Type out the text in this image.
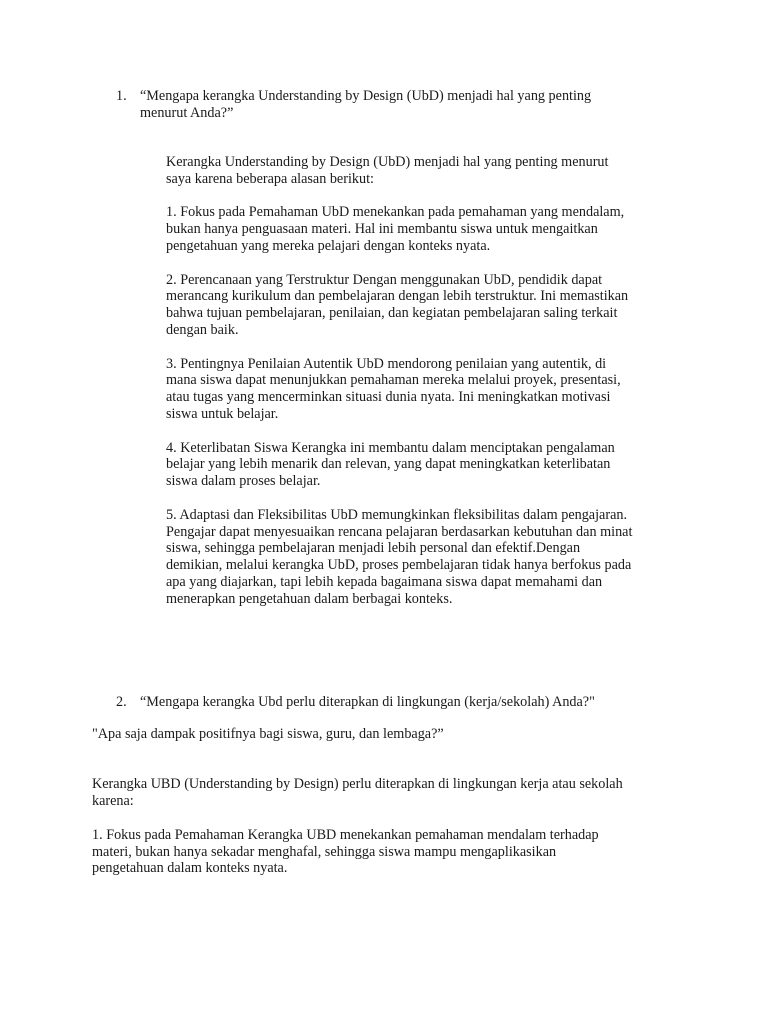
1. “Mengapa kerangka Understanding by Design (UbD) menjadi hal yang penting
menurut Anda?”

Kerangka Understanding by Design (UbD) menjadi hal yang penting menurut
saya karena beberapa alasan berikut:

1. Fokus pada Pemahaman UbD menekankan pada pemahaman yang mendalam,
bukan hanya penguasaan materi. Hal ini membantu siswa untuk mengaitkan
pengetahuan yang mereka pelajari dengan konteks nyata.

2. Perencanaan yang Terstruktur Dengan menggunakan UbD, pendidik dapat
merancang kurikulum dan pembelajaran dengan lebih terstruktur. Ini memastikan
bahwa tujuan pembelajaran, penilaian, dan kegiatan pembelajaran saling terkait
dengan baik.

3. Pentingnya Penilaian Autentik UbD mendorong penilaian yang autentik, di
mana siswa dapat menunjukkan pemahaman mereka melalui proyek, presentasi,
atau tugas yang mencerminkan situasi dunia nyata. Ini meningkatkan motivasi
siswa untuk belajar.

4. Keterlibatan Siswa Kerangka ini membantu dalam menciptakan pengalaman
belajar yang lebih menarik dan relevan, yang dapat meningkatkan keterlibatan
siswa dalam proses belajar.

5. Adaptasi dan Fleksibilitas UbD memungkinkan fleksibilitas dalam pengajaran.
Pengajar dapat menyesuaikan rencana pelajaran berdasarkan kebutuhan dan minat
siswa, sehingga pembelajaran menjadi lebih personal dan efektif.Dengan
demikian, melalui kerangka UbD, proses pembelajaran tidak hanya berfokus pada
apa yang diajarkan, tapi lebih kepada bagaimana siswa dapat memahami dan
menerapkan pengetahuan dalam berbagai konteks.

2. “Mengapa kerangka Ubd perlu diterapkan di lingkungan (kerja/sekolah) Anda?"

"Apa saja dampak positifnya bagi siswa, guru, dan lembaga?”

Kerangka UBD (Understanding by Design) perlu diterapkan di lingkungan kerja atau sekolah
karena:

1. Fokus pada Pemahaman Kerangka UBD menekankan pemahaman mendalam terhadap
materi, bukan hanya sekadar menghafal, sehingga siswa mampu mengaplikasikan
pengetahuan dalam konteks nyata.
